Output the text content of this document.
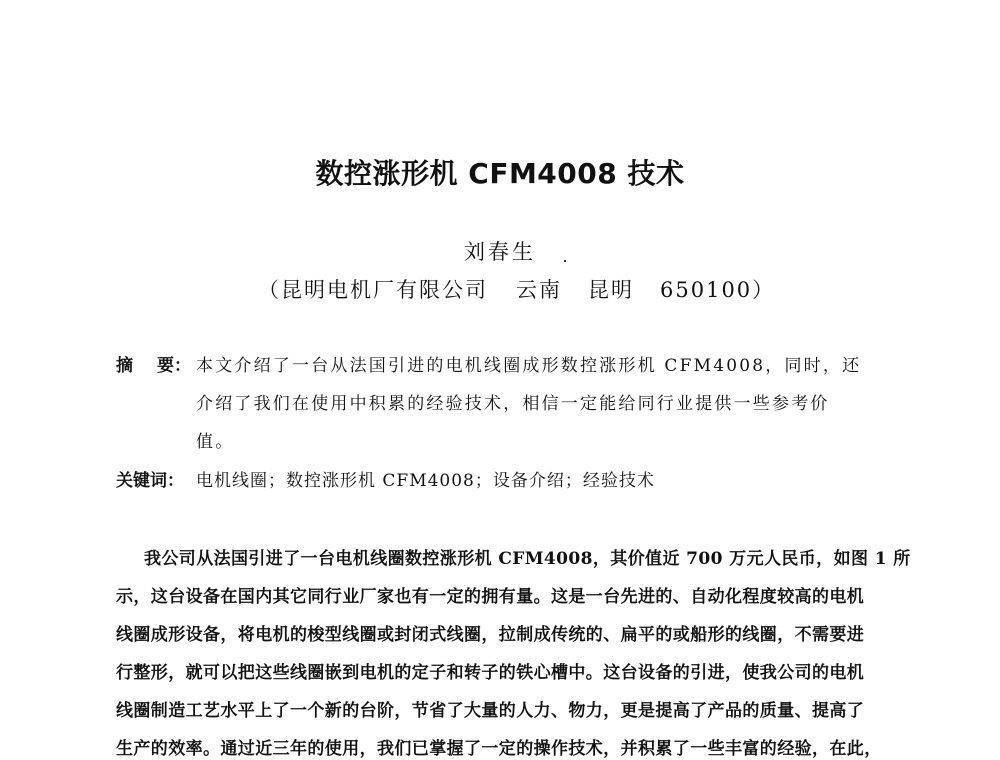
数控涨形机 CFM4008 技术
刘春生
（昆明电机厂有限公司 云南 昆明 650100）
摘 要： 本文介绍了一台从法国引进的电机线圈成形数控涨形机 CFM4008，同时，还
介绍了我们在使用中积累的经验技术，相信一定能给同行业提供一些参考价
值。
关键词： 电机线圈；数控涨形机 CFM4008；设备介绍；经验技术
我公司从法国引进了一台电机线圈数控涨形机 CFM4008，其价值近 700 万元人民币，如图 1 所
示，这台设备在国内其它同行业厂家也有一定的拥有量。这是一台先进的、自动化程度较高的电机
线圈成形设备，将电机的梭型线圈或封闭式线圈，拉制成传统的、扁平的或船形的线圈，不需要进
行整形，就可以把这些线圈嵌到电机的定子和转子的铁心槽中。这台设备的引进，使我公司的电机
线圈制造工艺水平上了一个新的台阶，节省了大量的人力、物力，更是提高了产品的质量、提高了
生产的效率。通过近三年的使用，我们已掌握了一定的操作技术，并积累了一些丰富的经验，在此，
